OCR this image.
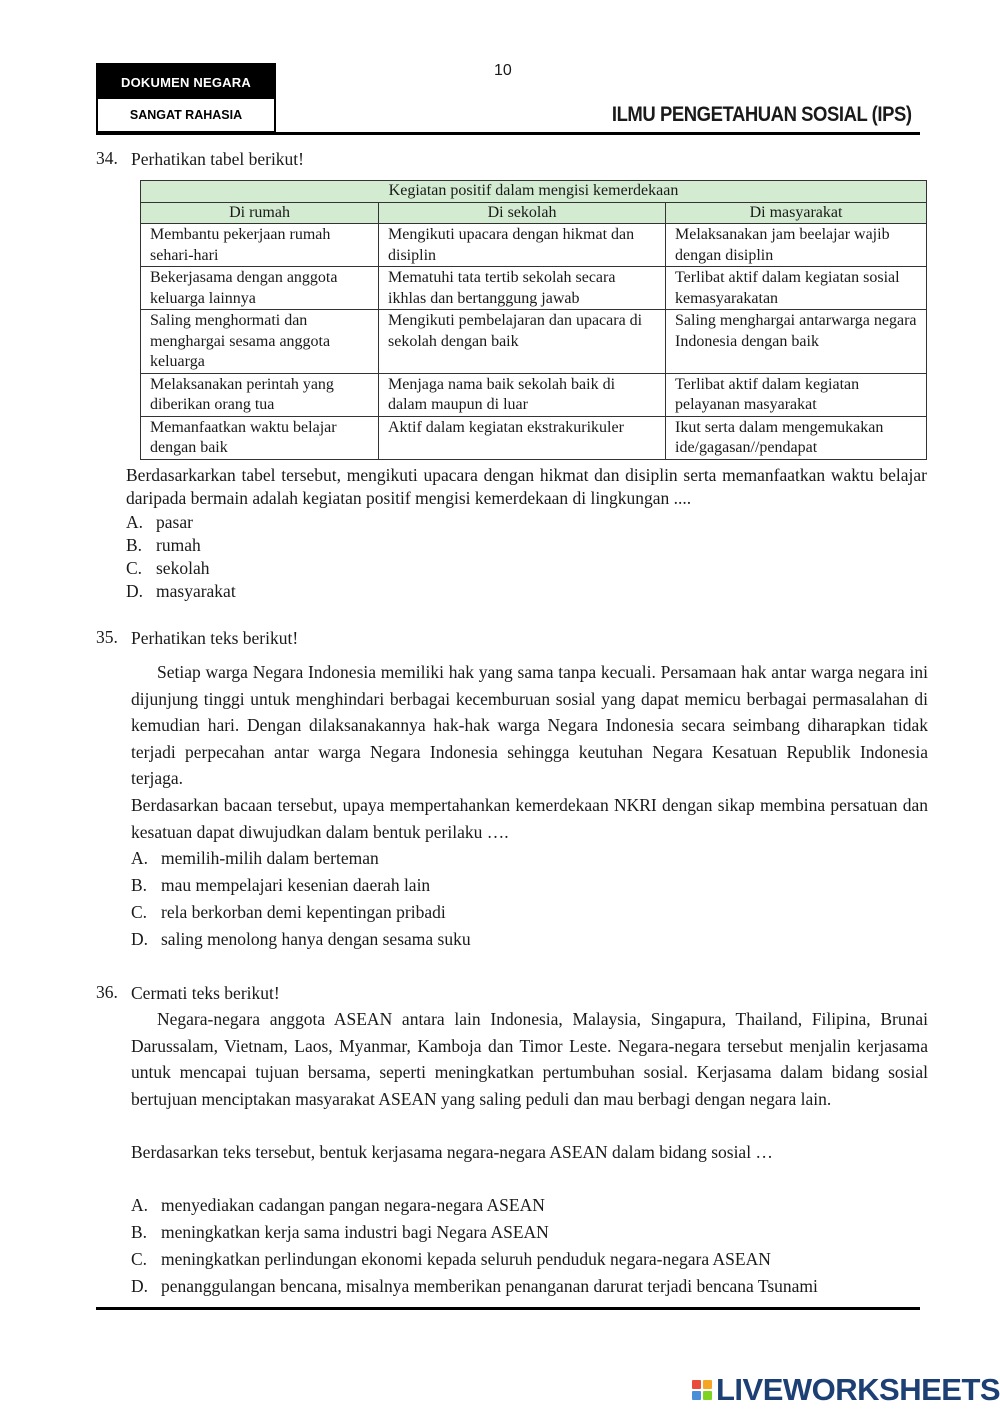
10
DOKUMEN NEGARA
SANGAT RAHASIA	ILMU PENGETAHUAN SOSIAL (IPS)
34. Perhatikan tabel berikut!
Kegiatan positif dalam mengisi kemerdekaan		
Di rumah	Di sekolah	Di masyarakat
Membantu pekerjaan rumah sehari-hari	Mengikuti upacara dengan hikmat dan disiplin	Melaksanakan jam beelajar wajib dengan disiplin
Bekerjasama dengan anggota keluarga lainnya	Mematuhi tata tertib sekolah secara ikhlas dan bertanggung jawab	Terlibat aktif dalam kegiatan sosial kemasyarakatan
Saling menghormati dan menghargai sesama anggota keluarga	Mengikuti pembelajaran dan upacara di sekolah dengan baik	Saling menghargai antarwarga negara Indonesia dengan baik
Melaksanakan perintah yang diberikan orang tua	Menjaga nama baik sekolah baik di dalam maupun di luar	Terlibat aktif dalam kegiatan pelayanan masyarakat
Memanfaatkan waktu belajar dengan baik	Aktif dalam kegiatan ekstrakurikuler	Ikut serta dalam mengemukakan ide/gagasan//pendapat
Berdasarkarkan tabel tersebut, mengikuti upacara dengan hikmat dan disiplin serta memanfaatkan waktu belajar daripada bermain adalah kegiatan positif mengisi kemerdekaan di lingkungan ....
A. pasar
B. rumah
C. sekolah
D. masyarakat
35. Perhatikan teks berikut!
Setiap warga Negara Indonesia memiliki hak yang sama tanpa kecuali. Persamaan hak antar warga negara ini dijunjung tinggi untuk menghindari berbagai kecemburuan sosial yang dapat memicu berbagai permasalahan di kemudian hari. Dengan dilaksanakannya hak-hak warga Negara Indonesia secara seimbang diharapkan tidak terjadi perpecahan antar warga Negara Indonesia sehingga keutuhan Negara Kesatuan Republik Indonesia terjaga.
Berdasarkan bacaan tersebut, upaya mempertahankan kemerdekaan NKRI dengan sikap membina persatuan dan kesatuan dapat diwujudkan dalam bentuk perilaku ….
A. memilih-milih dalam berteman
B. mau mempelajari kesenian daerah lain
C. rela berkorban demi kepentingan pribadi
D. saling menolong hanya dengan sesama suku
36. Cermati teks berikut!
Negara-negara anggota ASEAN antara lain Indonesia, Malaysia, Singapura, Thailand, Filipina, Brunai Darussalam, Vietnam, Laos, Myanmar, Kamboja dan Timor Leste. Negara-negara tersebut menjalin kerjasama untuk mencapai tujuan bersama, seperti meningkatkan pertumbuhan sosial. Kerjasama dalam bidang sosial bertujuan menciptakan masyarakat ASEAN yang saling peduli dan mau berbagi dengan negara lain.
Berdasarkan teks tersebut, bentuk kerjasama negara-negara ASEAN dalam bidang sosial …
A. menyediakan cadangan pangan negara-negara ASEAN
B. meningkatkan kerja sama industri bagi Negara ASEAN
C. meningkatkan perlindungan ekonomi kepada seluruh penduduk negara-negara ASEAN
D. penanggulangan bencana, misalnya memberikan penanganan darurat terjadi bencana Tsunami
LIVEWORKSHEETS
